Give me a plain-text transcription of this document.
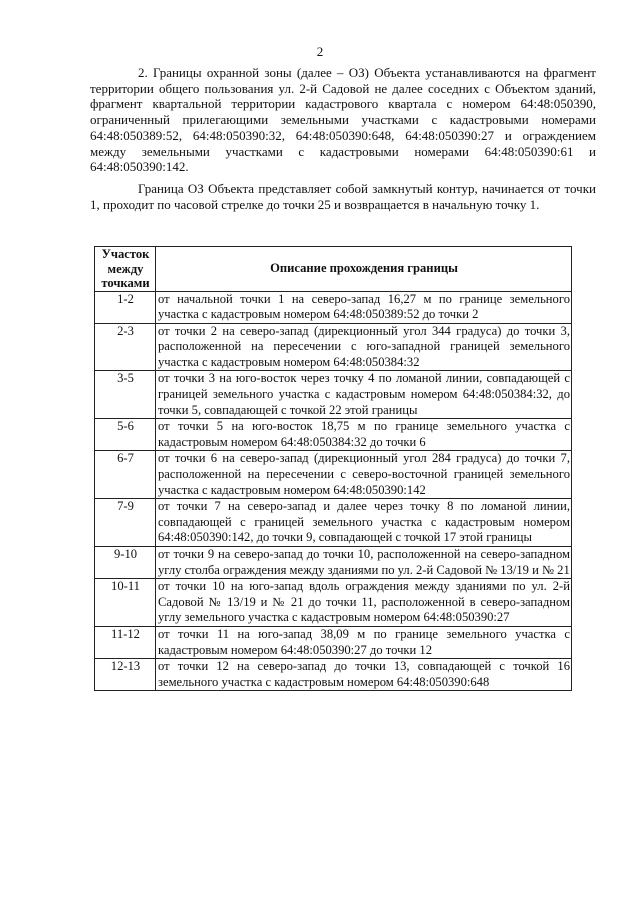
2

2. Границы охранной зоны (далее – ОЗ) Объекта устанавливаются на фрагмент территории общего пользования ул. 2-й Садовой не далее соседних с Объектом зданий, фрагмент квартальной территории кадастрового квартала с номером 64:48:050390, ограниченный прилегающими земельными участками с кадастровыми номерами 64:48:050389:52, 64:48:050390:32, 64:48:050390:648, 64:48:050390:27 и ограждением между земельными участками с кадастровыми номерами 64:48:050390:61 и 64:48:050390:142.

Граница ОЗ Объекта представляет собой замкнутый контур, начинается от точки 1, проходит по часовой стрелке до точки 25 и возвращается в начальную точку 1.

Участок между точками	Описание прохождения границы
1-2	от начальной точки 1 на северо-запад 16,27 м по границе земельного участка с кадастровым номером 64:48:050389:52 до точки 2
2-3	от точки 2 на северо-запад (дирекционный угол 344 градуса) до точки 3, расположенной на пересечении с юго-западной границей земельного участка с кадастровым номером 64:48:050384:32
3-5	от точки 3 на юго-восток через точку 4 по ломаной линии, совпадающей с границей земельного участка с кадастровым номером 64:48:050384:32, до точки 5, совпадающей с точкой 22 этой границы
5-6	от точки 5 на юго-восток 18,75 м по границе земельного участка с кадастровым номером 64:48:050384:32 до точки 6
6-7	от точки 6 на северо-запад (дирекционный угол 284 градуса) до точки 7, расположенной на пересечении с северо-восточной границей земельного участка с кадастровым номером 64:48:050390:142
7-9	от точки 7 на северо-запад и далее через точку 8 по ломаной линии, совпадающей с границей земельного участка с кадастровым номером 64:48:050390:142, до точки 9, совпадающей с точкой 17 этой границы
9-10	от точки 9 на северо-запад до точки 10, расположенной на северо-западном углу столба ограждения между зданиями по ул. 2-й Садовой № 13/19 и № 21
10-11	от точки 10 на юго-запад вдоль ограждения между зданиями по ул. 2-й Садовой № 13/19 и № 21 до точки 11, расположенной в северо-западном углу земельного участка с кадастровым номером 64:48:050390:27
11-12	от точки 11 на юго-запад 38,09 м по границе земельного участка с кадастровым номером 64:48:050390:27 до точки 12
12-13	от точки 12 на северо-запад до точки 13, совпадающей с точкой 16 земельного участка с кадастровым номером 64:48:050390:648
